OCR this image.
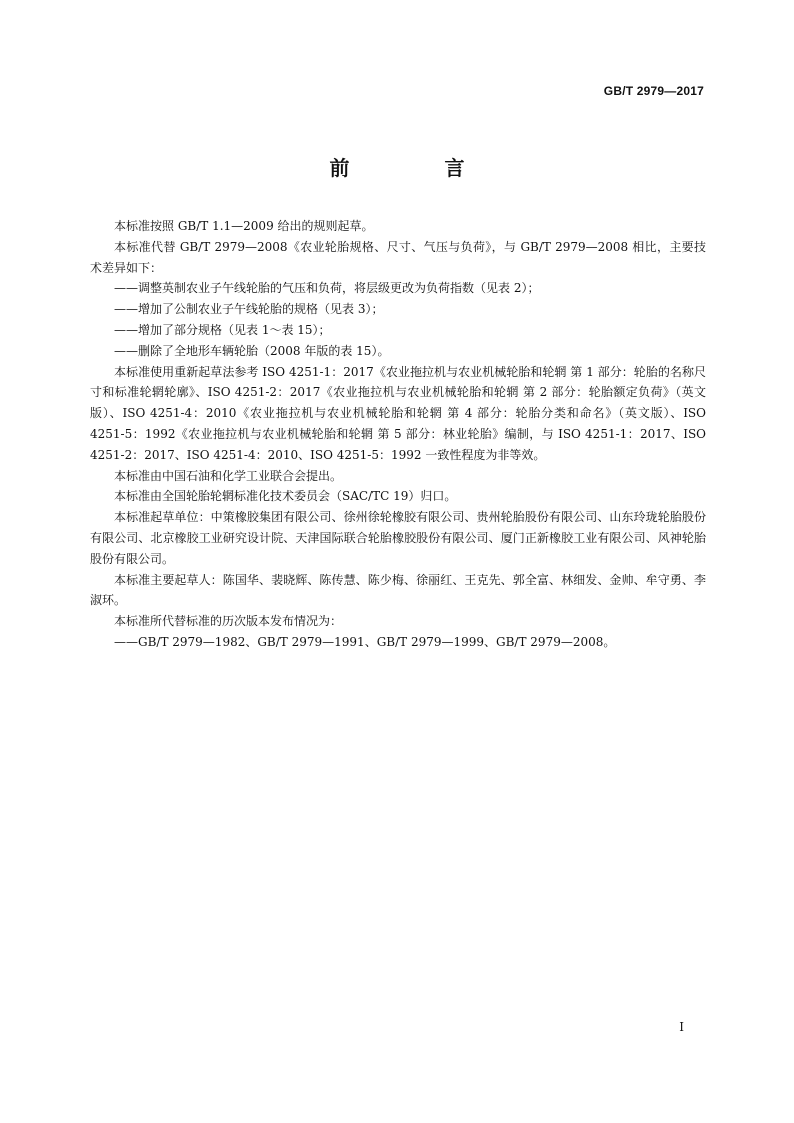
GB/T 2979—2017
前 言

本标准按照 GB/T 1.1—2009 给出的规则起草。

本标准代替 GB/T 2979—2008《农业轮胎规格、尺寸、气压与负荷》，与 GB/T 2979—2008 相比，主要技术差异如下：

——调整英制农业子午线轮胎的气压和负荷，将层级更改为负荷指数（见表 2）；

——增加了公制农业子午线轮胎的规格（见表 3）；

——增加了部分规格（见表 1～表 15）；

——删除了全地形车辆轮胎（2008 年版的表 15）。

本标准使用重新起草法参考 ISO 4251-1：2017《农业拖拉机与农业机械轮胎和轮辋 第 1 部分：轮胎的名称尺寸和标准轮辋轮廓》、ISO 4251-2：2017《农业拖拉机与农业机械轮胎和轮辋 第 2 部分：轮胎额定负荷》（英文版）、ISO 4251-4：2010《农业拖拉机与农业机械轮胎和轮辋 第 4 部分：轮胎分类和命名》（英文版）、ISO 4251-5：1992《农业拖拉机与农业机械轮胎和轮辋 第 5 部分：林业轮胎》编制，与 ISO 4251-1：2017、ISO 4251-2：2017、ISO 4251-4：2010、ISO 4251-5：1992 一致性程度为非等效。

本标准由中国石油和化学工业联合会提出。

本标准由全国轮胎轮辋标准化技术委员会（SAC/TC 19）归口。

本标准起草单位：中策橡胶集团有限公司、徐州徐轮橡胶有限公司、贵州轮胎股份有限公司、山东玲珑轮胎股份有限公司、北京橡胶工业研究设计院、天津国际联合轮胎橡胶股份有限公司、厦门正新橡胶工业有限公司、风神轮胎股份有限公司。

本标准主要起草人：陈国华、裴晓辉、陈传慧、陈少梅、徐丽红、王克先、郭全富、林细发、金帅、牟守勇、李淑环。

本标准所代替标准的历次版本发布情况为：

——GB/T 2979—1982、GB/T 2979—1991、GB/T 2979—1999、GB/T 2979—2008。

I
